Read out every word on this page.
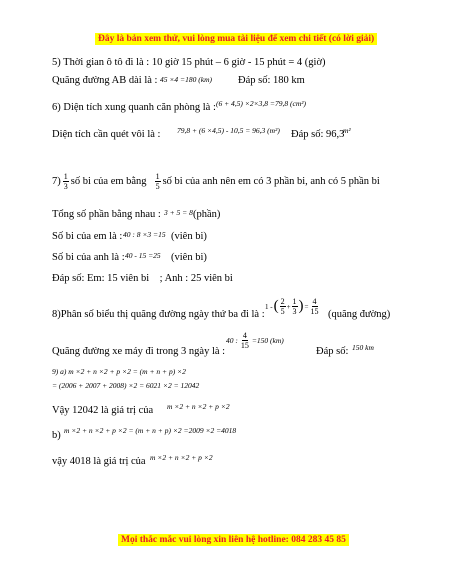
Đây là bản xem thử, vui lòng mua tài liệu để xem chi tiết (có lời giải)
5) Thời gian ô tô đi là : 10 giờ 15 phút – 6 giờ - 15 phút = 4 (giờ)
Quãng đường AB dài là : 45 ×4 =180 (km) Đáp số: 180 km
6) Diện tích xung quanh căn phòng là : (6 + 4,5) ×2×3,8 =79,8 (cm²)
Diện tích cần quét vôi là : 79,8 + (6 ×4,5) - 10,5 = 96,3 (m²) Đáp số: 96,3
m²
$7) \frac{1}{3}$ số bi của em bằng $\frac{1}{5}$ số bi của anh nên em có 3 phần bi, anh có 5 phần bi
Tổng số phần bằng nhau : 3 + 5 = 8 (phần)
Số bi của em là : 40 : 8 ×3 =15 (viên bi)
Số bi của anh là : 40 - 15 =25 (viên bi)
Đáp số: Em: 15 viên bi    ; Anh : 25 viên bi
8)Phân số biểu thị quãng đường ngày thứ ba đi là :
1 - ( $\frac{2}{5} + \frac{1}{3}$ ) = $\frac{4}{15}$ (quãng đường)
Quãng đường xe máy đi trong 3 ngày là :
40 : $\frac{4}{15} =150$ (km)
Đáp số: 150 km
9) a) m ×2 + n ×2 + p ×2 = (m + n + p) ×2
= (2006 + 2007 + 2008) ×2 = 6021 ×2 = 12042
Vậy 12042 là giá trị của m ×2 + n ×2 + p ×2
b) m ×2 + n ×2 + p ×2 = (m + n + p) ×2 =2009 ×2 =4018
vậy 4018 là giá trị của m ×2 + n ×2 + p ×2
Mọi thắc mắc vui lòng xin liên hệ hotline: 084 283 45 85
